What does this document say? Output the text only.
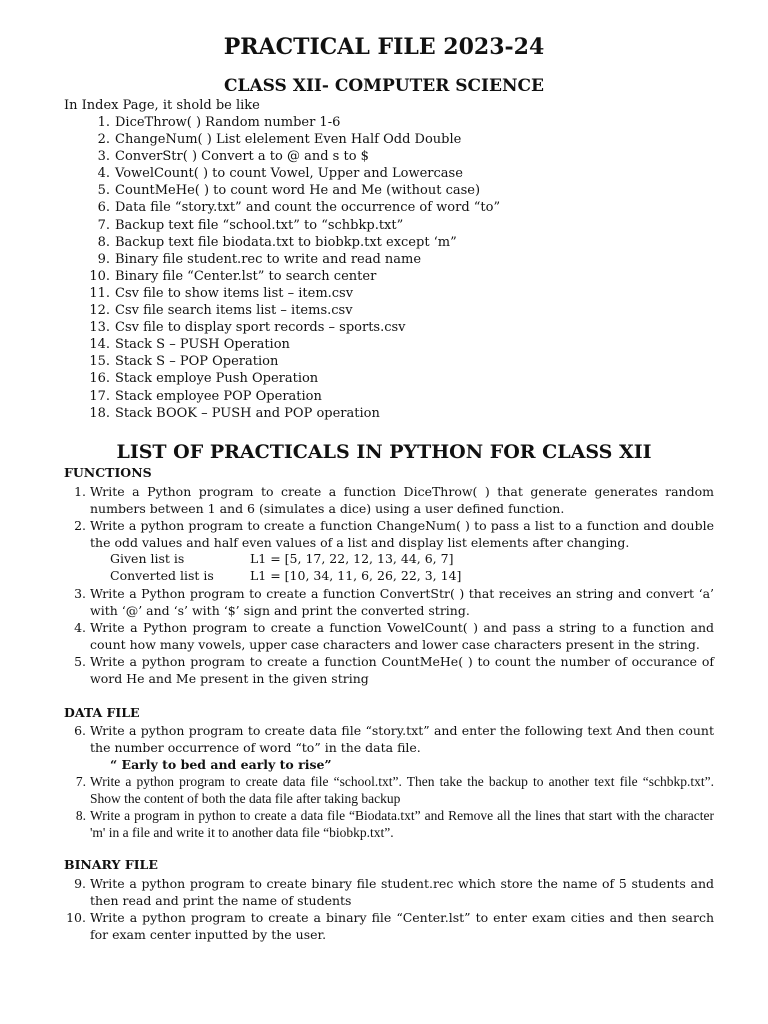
PRACTICAL FILE 2023-24
CLASS XII- COMPUTER SCIENCE
In Index Page, it shold be like
1. DiceThrow( ) Random number 1-6
2. ChangeNum( ) List elelement Even Half Odd Double
3. ConverStr( ) Convert a to @ and s to $
4. VowelCount( ) to count Vowel, Upper and Lowercase
5. CountMeHe( ) to count word He and Me (without case)
6. Data file “story.txt” and count the occurrence of word “to”
7. Backup text file “school.txt” to “schbkp.txt”
8. Backup text file biodata.txt to biobkp.txt except ‘m”
9. Binary file student.rec to write and read name
10. Binary file “Center.lst” to search center
11. Csv file to show items list – item.csv
12. Csv file search items list – items.csv
13. Csv file to display sport records – sports.csv
14. Stack S – PUSH Operation
15. Stack S – POP Operation
16. Stack employe Push Operation
17. Stack employee POP Operation
18. Stack BOOK – PUSH and POP operation
LIST OF PRACTICALS IN PYTHON FOR CLASS XII
FUNCTIONS
1. Write a Python program to create a function DiceThrow( ) that generate generates random numbers between 1 and 6 (simulates a dice) using a user defined function.
2. Write a python program to create a function ChangeNum( ) to pass a list to a function and double the odd values and half even values of a list and display list elements after changing.
Given list is	L1 = [5, 17, 22, 12, 13, 44, 6, 7]
Converted list is	L1 = [10, 34, 11, 6, 26, 22, 3, 14]
3. Write a Python program to create a function ConvertStr( ) that receives an string and convert ‘a’ with ‘@’ and ‘s’ with ‘$’ sign and print the converted string.
4. Write a Python program to create a function VowelCount( ) and pass a string to a function and count how many vowels, upper case characters and lower case characters present in the string.
5. Write a python program to create a function CountMeHe( ) to count the number of occurance of word He and Me present in the given string
DATA FILE
6. Write a python program to create data file “story.txt” and enter the following text And then count the number occurrence of word “to” in the data file.
“ Early to bed and early to rise”
7. Write a python program to create data file “school.txt”. Then take the backup to another text file “schbkp.txt”. Show the content of both the data file after taking backup
8. Write a program in python to create a data file “Biodata.txt” and Remove all the lines that start with the character 'm' in a file and write it to another data file “biobkp.txt”.
BINARY FILE
9. Write a python program to create binary file student.rec which store the name of 5 students and then read and print the name of students
10. Write a python program to create a binary file “Center.lst” to enter exam cities and then search for exam center inputted by the user.
